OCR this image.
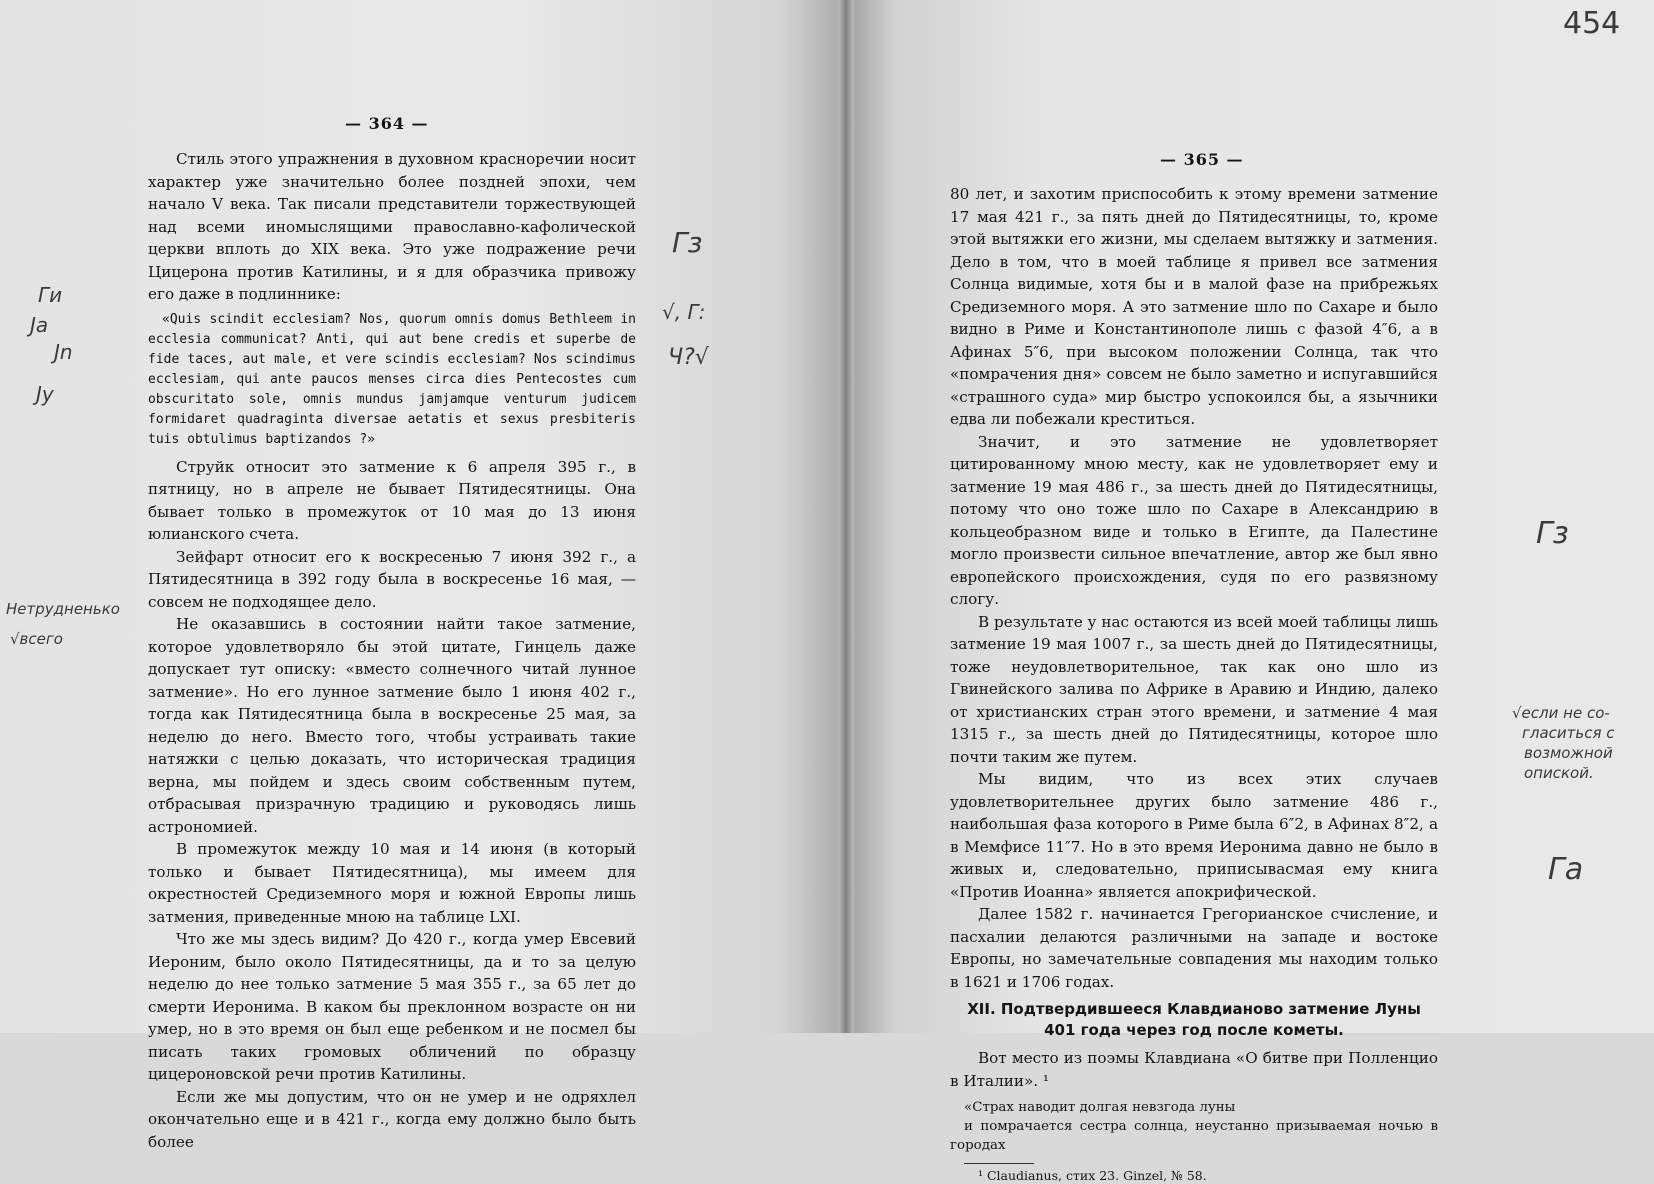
— 364 —

Стиль этого упражнения в духовном красноречии носит характер уже значительно более поздней эпохи, чем начало V века. Так писали представители торжествующей над всеми иномыслящими православно-кафолической церкви вплоть до XIX века. Это уже подражение речи Цицерона против Катилины, и я для образчика привожу его даже в подлиннике:

«Quis scindit ecclesiam? Nos, quorum omnis domus Bethleem in ecclesia communicat? Anti, qui aut bene credis et superbe de fide taces, aut male, et vere scindis ecclesiam? Nos scindimus ecclesiam, qui ante paucos menses circa dies Pentecostes cum obscuritato sole, omnis mundus jamjamque venturum judicem formidaret quadraginta diversae aetatis et sexus presbiteris tuis obtulimus baptizandos ?»

Струйк относит это затмение к 6 апреля 395 г., в пятницу, но в апреле не бывает Пятидесятницы. Она бывает только в промежуток от 10 мая до 13 июня юлианского счета.

Зейфарт относит его к воскресенью 7 июня 392 г., а Пятидесятница в 392 году была в воскресенье 16 мая, — совсем не подходящее дело.

Не оказавшись в состоянии найти такое затмение, которое удовлетворяло бы этой цитате, Гинцель даже допускает тут описку: «вместо солнечного читай лунное затмение». Но его лунное затмение было 1 июня 402 г., тогда как Пятидесятница была в воскресенье 25 мая, за неделю до него. Вместо того, чтобы устраивать такие натяжки с целью доказать, что историческая традиция верна, мы пойдем и здесь своим собственным путем, отбрасывая призрачную традицию и руководясь лишь астрономией.

В промежуток между 10 мая и 14 июня (в который только и бывает Пятидесятница), мы имеем для окрестностей Средиземного моря и южной Европы лишь затмения, приведенные мною на таблице LXI.

Что же мы здесь видим? До 420 г., когда умер Евсевий Иероним, было около Пятидесятницы, да и то за целую неделю до нее только затмение 5 мая 355 г., за 65 лет до смерти Иеронима. В каком бы преклонном возрасте он ни умер, но в это время он был еще ребенком и не посмел бы писать таких громовых обличений по образцу цицероновской речи против Катилины.

Если же мы допустим, что он не умер и не одряхлел окончательно еще и в 421 г., когда ему должно было быть более

— 365 —

80 лет, и захотим приспособить к этому времени затмение 17 мая 421 г., за пять дней до Пятидесятницы, то, кроме этой вытяжки его жизни, мы сделаем вытяжку и затмения. Дело в том, что в моей таблице я привел все затмения Солнца видимые, хотя бы и в малой фазе на прибрежьях Средиземного моря. А это затмение шло по Сахаре и было видно в Риме и Константинополе лишь с фазой 4″6, а в Афинах 5″6, при высоком положении Солнца, так что «помрачения дня» совсем не было заметно и испугавшийся «страшного суда» мир быстро успокоился бы, а язычники едва ли побежали креститься.

Значит, и это затмение не удовлетворяет цитированному мною месту, как не удовлетворяет ему и затмение 19 мая 486 г., за шесть дней до Пятидесятницы, потому что оно тоже шло по Сахаре в Александрию в кольцеобразном виде и только в Египте, да Палестине могло произвести сильное впечатление, автор же был явно европейского происхождения, судя по его развязному слогу.

В результате у нас остаются из всей моей таблицы лишь затмение 19 мая 1007 г., за шесть дней до Пятидесятницы, тоже неудовлетворительное, так как оно шло из Гвинейского залива по Африке в Аравию и Индию, далеко от христианских стран этого времени, и затмение 4 мая 1315 г., за шесть дней до Пятидесятницы, которое шло почти таким же путем.

Мы видим, что из всех этих случаев удовлетворительнее других было затмение 486 г., наибольшая фаза которого в Риме была 6″2, в Афинах 8″2, а в Мемфисе 11″7. Но в это время Иеронима давно не было в живых и, следовательно, приписывасмая ему книга «Против Иоанна» является апокрифической.

Далее 1582 г. начинается Грегорианское счисление, и пасхалии делаются различными на западе и востоке Европы, но замечательные совпадения мы находим только в 1621 и 1706 годах.

XII. Подтвердившееся Клавдианово затмение Луны 401 года через год после кометы.

Вот место из поэмы Клавдиана «О битве при Полленцио в Италии». ¹

«Страх наводит долгая невзгода луны
и помрачается сестра солнца, неустанно призываемая ночью в городах
¹ Claudianus, стих 23. Ginzel, № 58.
454
Ги
Ја
Јn
Jу
Гз
√, Г:
Ч?√
Нетрудненько
√всего
Гз
√если не со-
гласиться с
возможной
опиской.
Га
